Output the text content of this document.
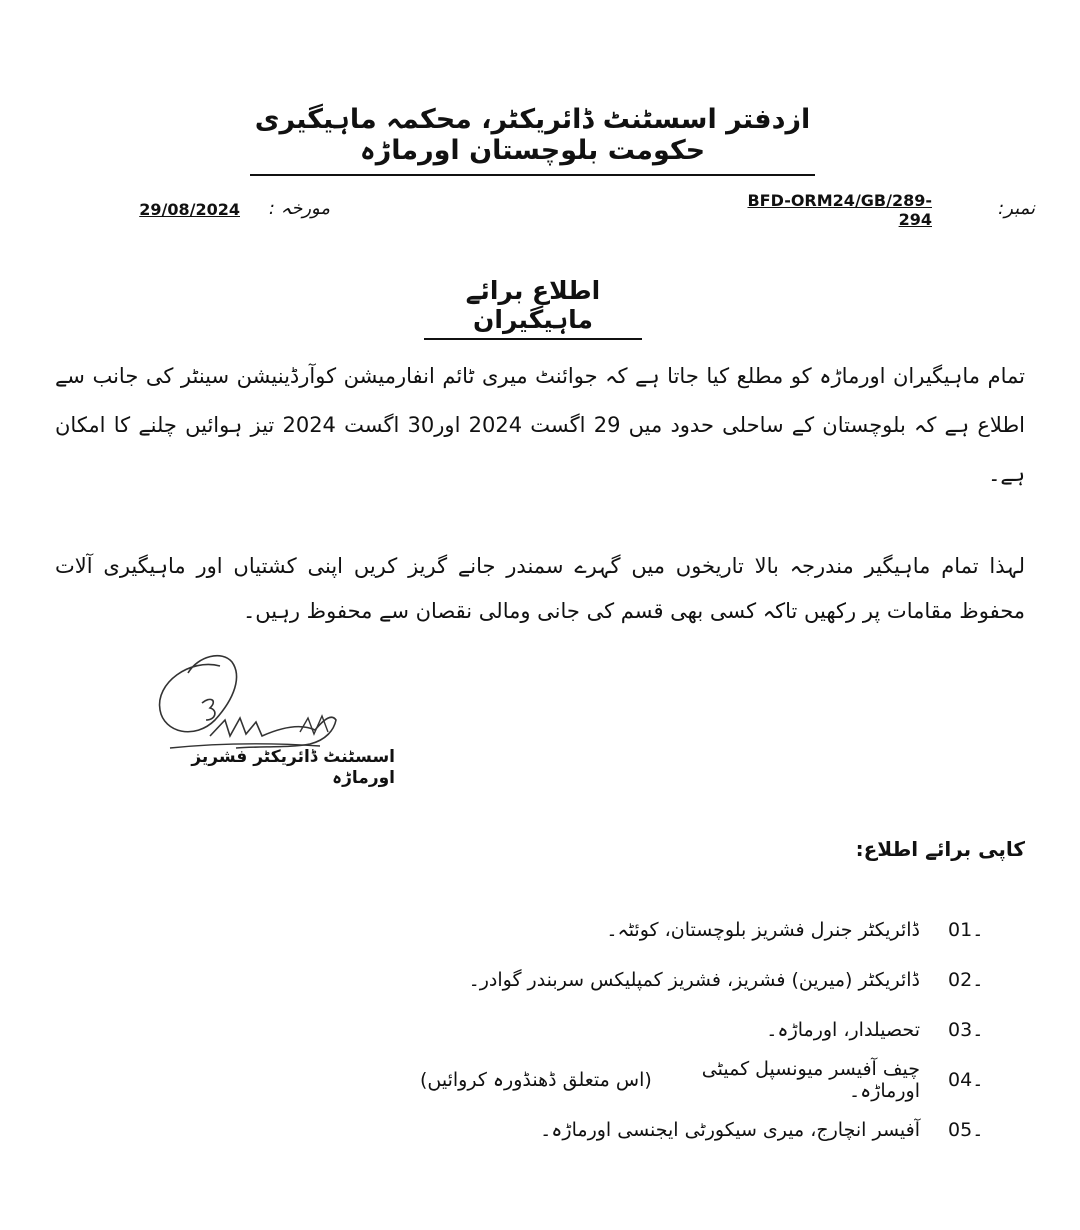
ازدفتر اسسٹنٹ ڈائریکٹر، محکمہ ماہیگیری حکومت بلوچستان اورماڑہ
نمبر:
BFD-ORM24/GB/289-294
مورخہ :
29/08/2024
اطلاع برائے ماہیگیران
تمام ماہیگیران اورماڑہ کو مطلع کیا جاتا ہے کہ جوائنٹ میری ٹائم انفارمیشن کوآرڈینیشن سینٹر کی جانب سے اطلاع ہے کہ بلوچستان کے ساحلی حدود میں 29 اگست 2024 اور30 اگست 2024 تیز ہوائیں چلنے کا امکان ہے۔
لہذا تمام ماہیگیر مندرجہ بالا تاریخوں میں گہرے سمندر جانے گریز کریں اپنی کشتیاں اور ماہیگیری آلات محفوظ مقامات پر رکھیں تاکہ کسی بھی قسم کی جانی ومالی نقصان سے محفوظ رہیں۔
اسسٹنٹ ڈائریکٹر فشریز اورماڑہ
کاپی برائے اطلاع:
01۔
ڈائریکٹر جنرل فشریز بلوچستان، کوئٹہ۔
02۔
ڈائریکٹر (میرین) فشریز، فشریز کمپلیکس سربندر گوادر۔
03۔
تحصیلدار، اورماڑہ۔
04۔
چیف آفیسر میونسپل کمیٹی اورماڑہ۔
(اس متعلق ڈھنڈورہ کروائیں)
05۔
آفیسر انچارج، میری سیکورٹی ایجنسی اورماڑہ۔
